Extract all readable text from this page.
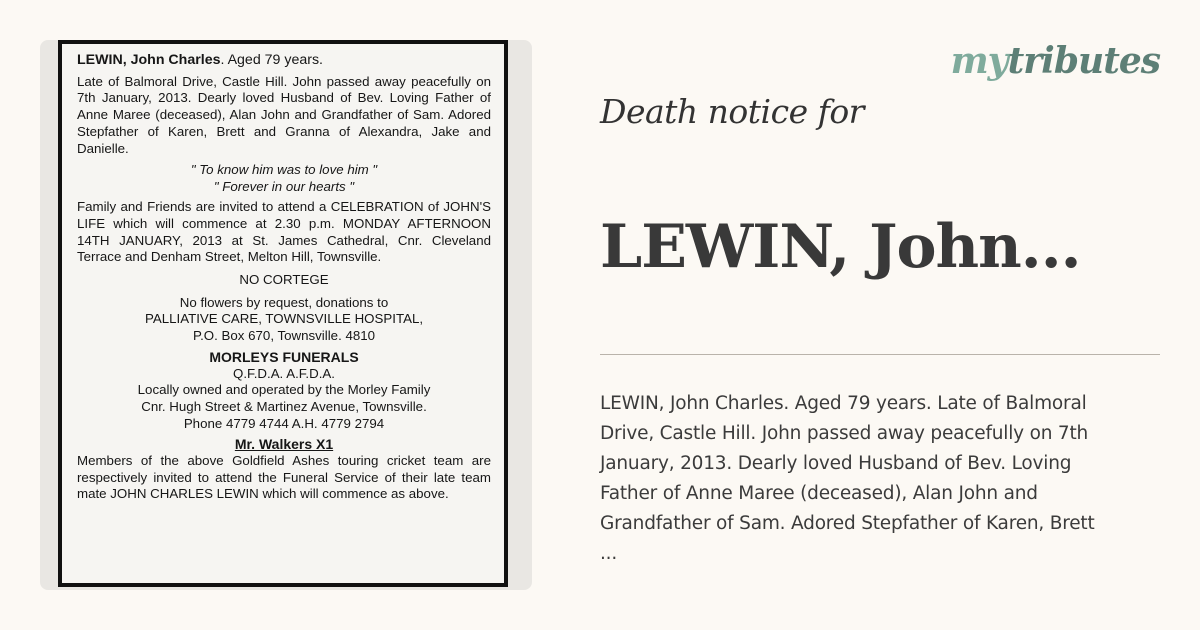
LEWIN, John Charles. Aged 79 years.

Late of Balmoral Drive, Castle Hill. John passed away peacefully on 7th January, 2013. Dearly loved Husband of Bev. Loving Father of Anne Maree (deceased), Alan John and Grandfather of Sam. Adored Stepfather of Karen, Brett and Granna of Alexandra, Jake and Danielle.

" To know him was to love him "
" Forever in our hearts "

Family and Friends are invited to attend a CELEBRATION of JOHN'S LIFE which will commence at 2.30 p.m. MONDAY AFTERNOON 14TH JANUARY, 2013 at St. James Cathedral, Cnr. Cleveland Terrace and Denham Street, Melton Hill, Townsville.

NO CORTEGE

No flowers by request, donations to
PALLIATIVE CARE, TOWNSVILLE HOSPITAL,
P.O. Box 670, Townsville. 4810
MORLEYS FUNERALS
Q.F.D.A. A.F.D.A.
Locally owned and operated by the Morley Family
Cnr. Hugh Street & Martinez Avenue, Townsville.
Phone 4779 4744 A.H. 4779 2794
Mr. Walkers X1

Members of the above Goldfield Ashes touring cricket team are respectively invited to attend the Funeral Service of their late team mate JOHN CHARLES LEWIN which will commence as above.

mytributes
Death notice for
LEWIN, John...
LEWIN, John Charles. Aged 79 years. Late of Balmoral
Drive, Castle Hill. John passed away peacefully on 7th
January, 2013. Dearly loved Husband of Bev. Loving
Father of Anne Maree (deceased), Alan John and
Grandfather of Sam. Adored Stepfather of Karen, Brett
...
